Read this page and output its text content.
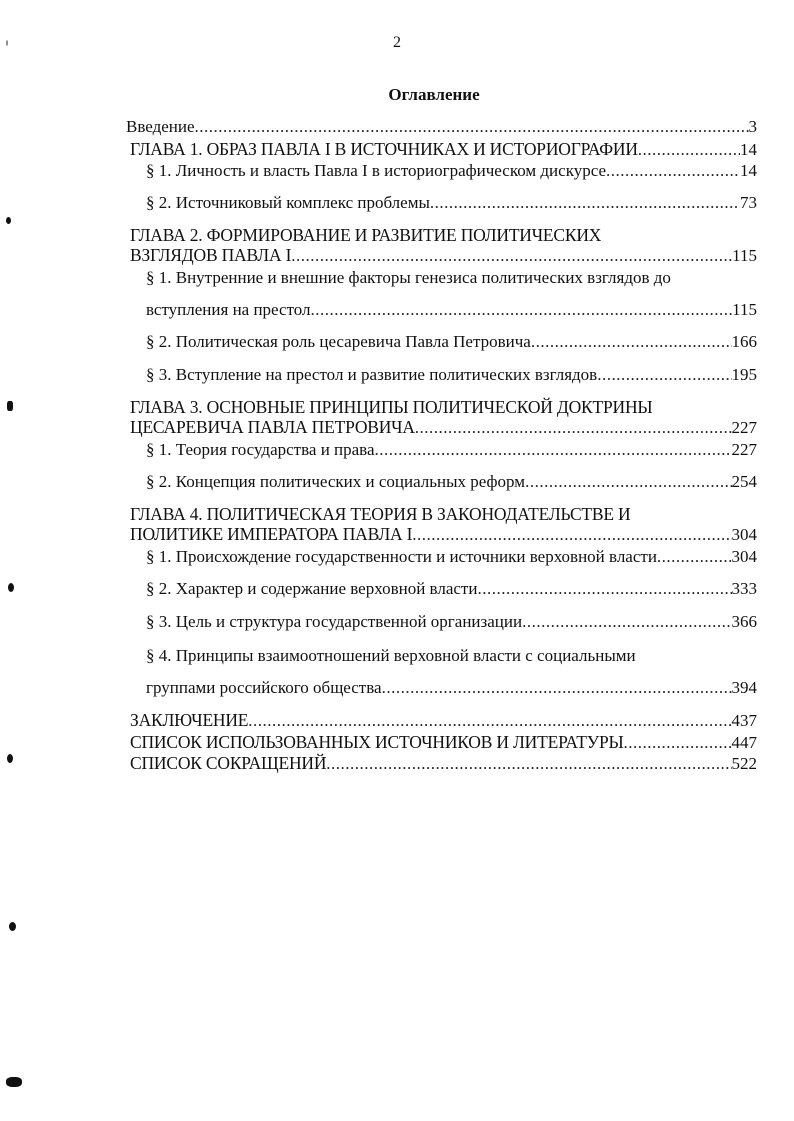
2
Оглавление
Введение .....	3
ГЛАВА 1. ОБРАЗ ПАВЛА I В ИСТОЧНИКАХ И ИСТОРИОГРАФИИ .....	14
§ 1. Личность и власть Павла I в историографическом дискурсе .....	14
§ 2. Источниковый комплекс проблемы .....	73
ГЛАВА 2. ФОРМИРОВАНИЕ И РАЗВИТИЕ ПОЛИТИЧЕСКИХ
ВЗГЛЯДОВ ПАВЛА I .....	115
§ 1. Внутренние и внешние факторы генезиса политических взглядов до
вступления на престол .....	115
§ 2. Политическая роль цесаревича Павла Петровича .....	166
§ 3. Вступление на престол и развитие политических взглядов .....	195
ГЛАВА 3. ОСНОВНЫЕ ПРИНЦИПЫ ПОЛИТИЧЕСКОЙ ДОКТРИНЫ
ЦЕСАРЕВИЧА ПАВЛА ПЕТРОВИЧА .....	227
§ 1. Теория государства и права .....	227
§ 2. Концепция политических и социальных реформ .....	254
ГЛАВА 4. ПОЛИТИЧЕСКАЯ ТЕОРИЯ В ЗАКОНОДАТЕЛЬСТВЕ И
ПОЛИТИКЕ ИМПЕРАТОРА ПАВЛА I .....	304
§ 1. Происхождение государственности и источники верховной власти .....	304
§ 2. Характер и содержание верховной власти .....	333
§ 3. Цель и структура государственной организации .....	366
§ 4. Принципы взаимоотношений верховной власти с социальными
группами российского общества .....	394
ЗАКЛЮЧЕНИЕ .....	437
СПИСОК ИСПОЛЬЗОВАННЫХ ИСТОЧНИКОВ И ЛИТЕРАТУРЫ .....	447
СПИСОК СОКРАЩЕНИЙ .....	522
